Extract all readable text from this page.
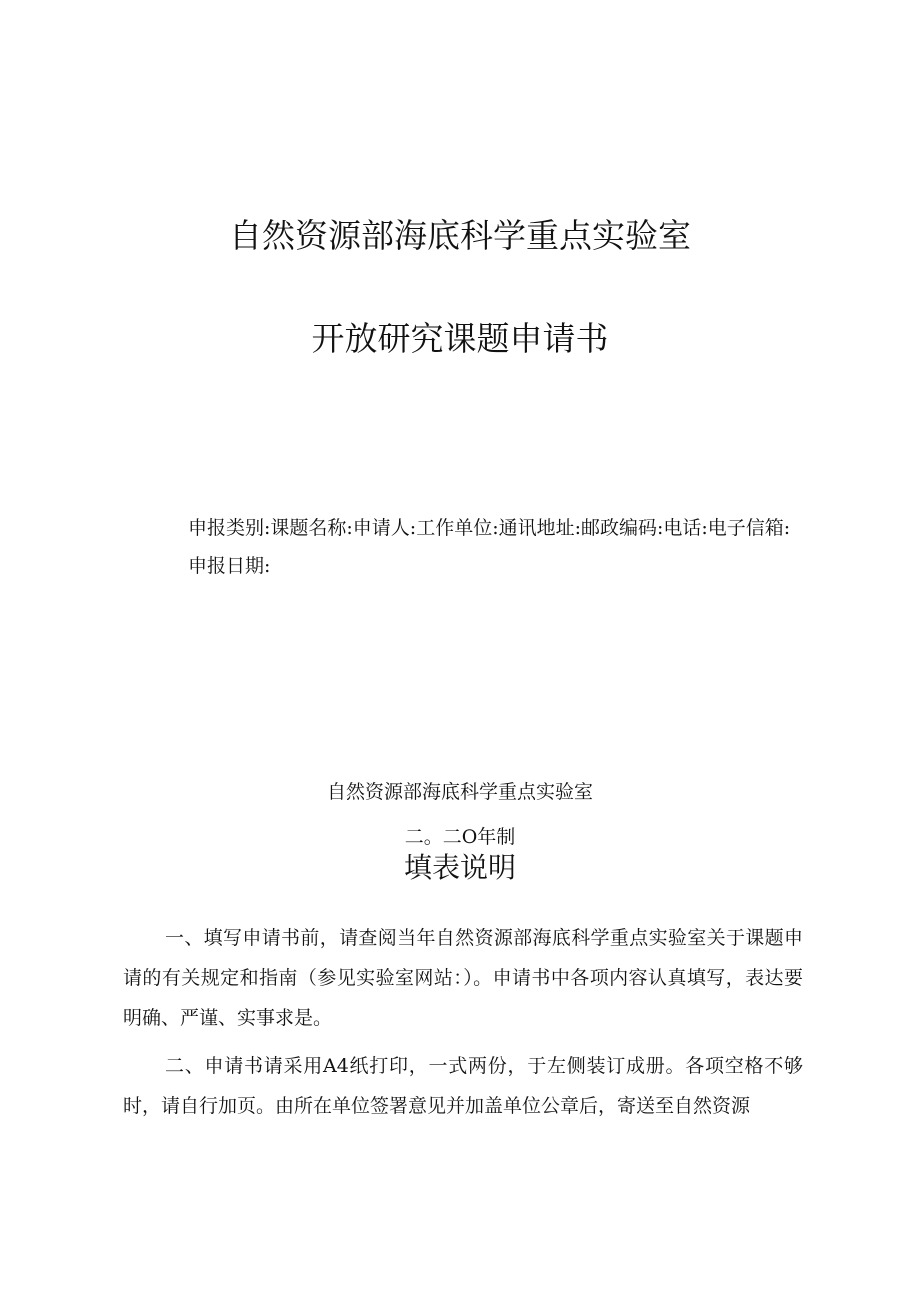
自然资源部海底科学重点实验室
开放研究课题申请书
申报类别:课题名称:申请人:工作单位:通讯地址:邮政编码:电话:电子信箱:申报日期:
自然资源部海底科学重点实验室
二。二O年制
填表说明
一、填写申请书前，请查阅当年自然资源部海底科学重点实验室关于课题申请的有关规定和指南（参见实验室网站：）。申请书中各项内容认真填写，表达要明确、严谨、实事求是。
二、申请书请采用A4纸打印，一式两份，于左侧装订成册。各项空格不够时，请自行加页。由所在单位签署意见并加盖单位公章后，寄送至自然资源
